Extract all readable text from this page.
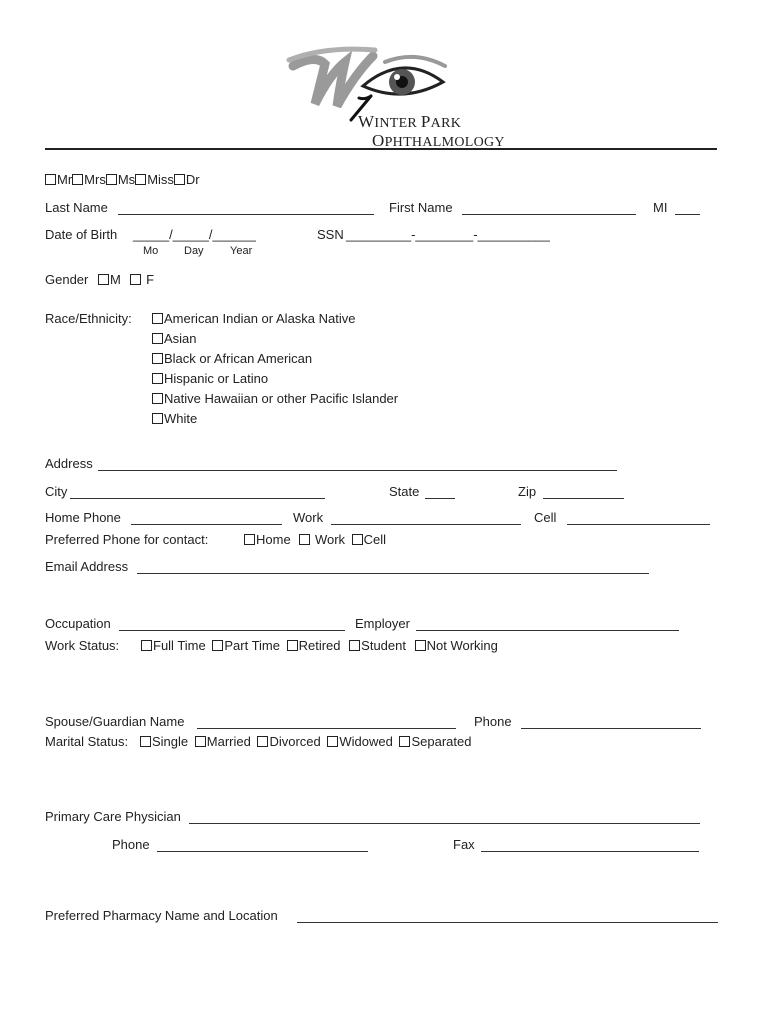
WINTER PARK
OPHTHALMOLOGY
Mr Mrs Ms Miss Dr
Last Name	First Name	MI
Date of Birth _____/_____/______
Mo Day Year
SSN _________-________-__________
Gender M F
Race/Ethnicity:	American Indian or Alaska Native
Asian
Black or African American
Hispanic or Latino
Native Hawaiian or other Pacific Islander
White
Address
City	State	Zip
Home Phone	Work	Cell
Preferred Phone for contact:	Home Work Cell
Email Address
Occupation	Employer
Work Status:	Full Time Part Time Retired Student Not Working
Spouse/Guardian Name	Phone
Marital Status:	Single Married Divorced Widowed Separated
Primary Care Physician
Phone	Fax
Preferred Pharmacy Name and Location
